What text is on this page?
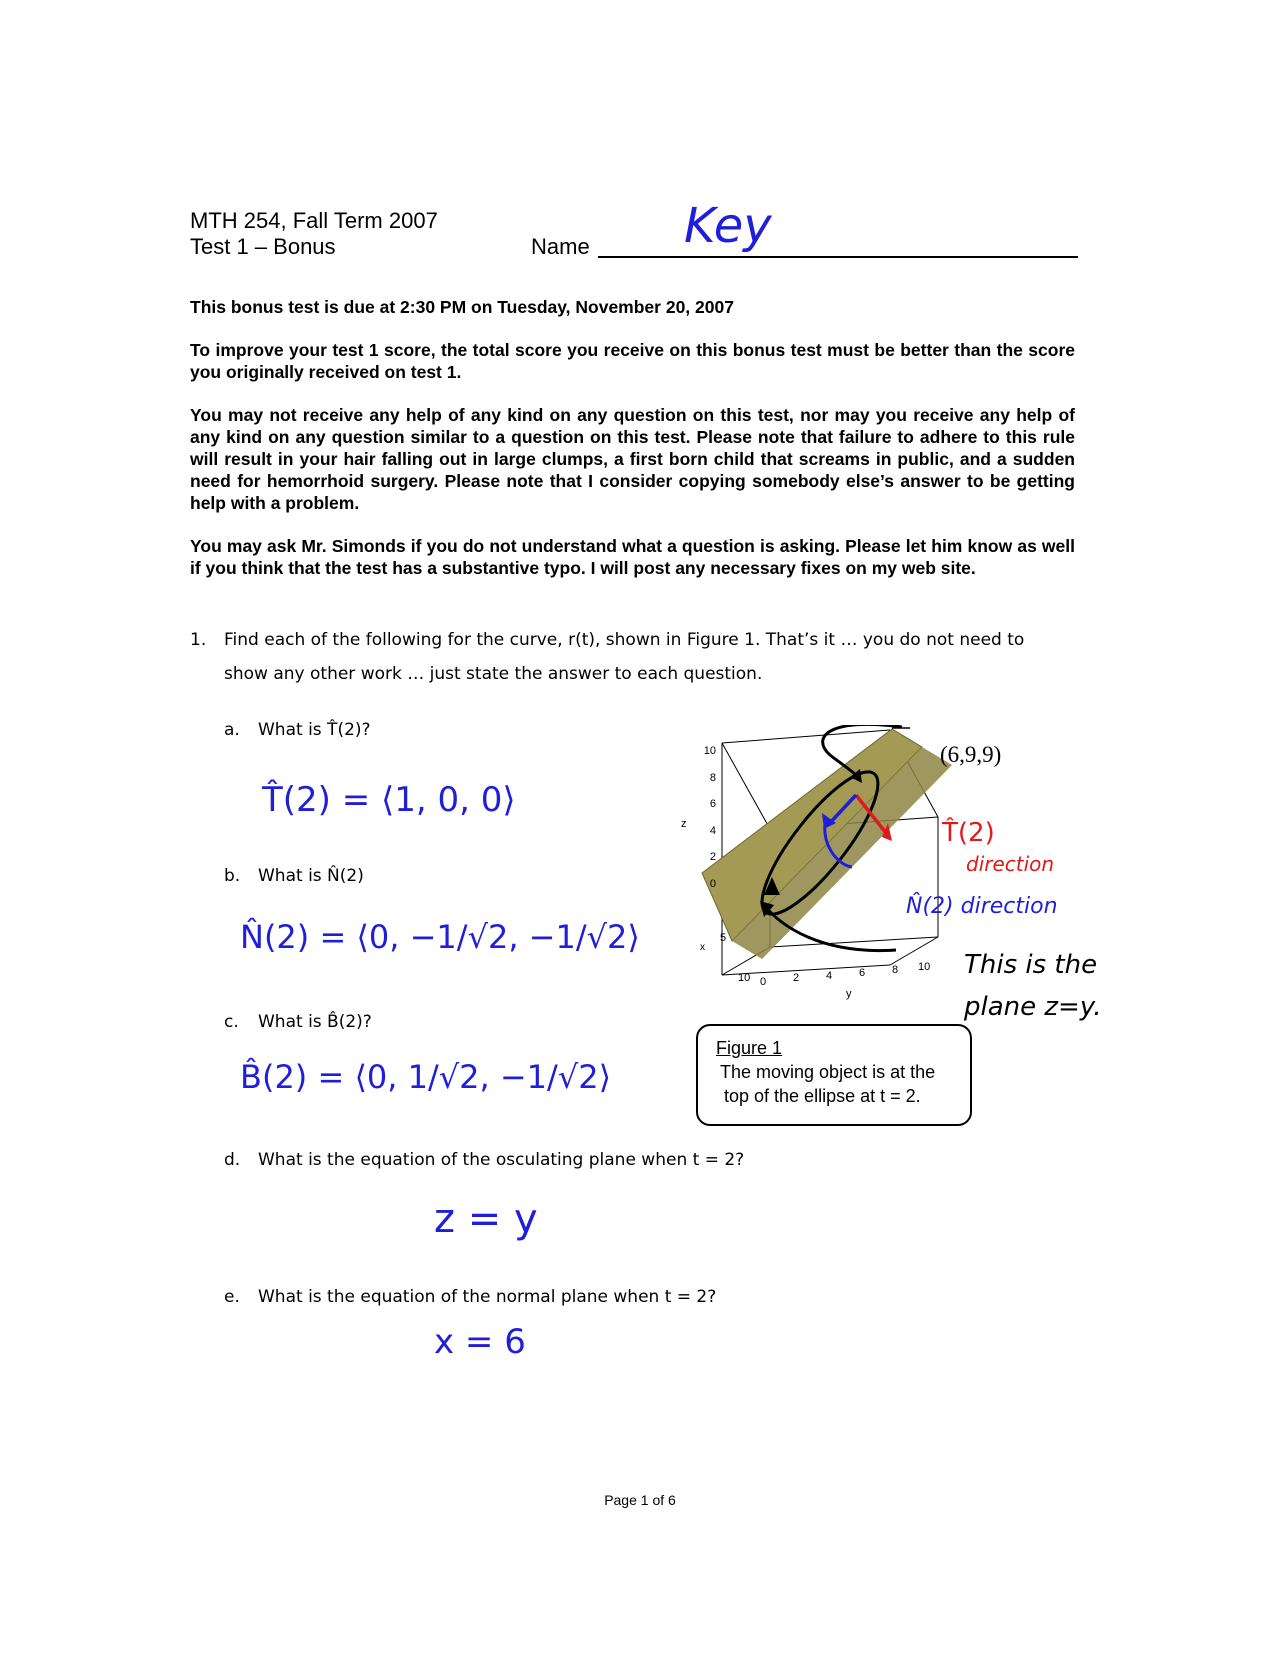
MTH 254, Fall Term 2007
Test 1 – Bonus	Name Key
This bonus test is due at 2:30 PM on Tuesday, November 20, 2007
To improve your test 1 score, the total score you receive on this bonus test must be better than the score you originally received on test 1.
You may not receive any help of any kind on any question on this test, nor may you receive any help of any kind on any question similar to a question on this test. Please note that failure to adhere to this rule will result in your hair falling out in large clumps, a first born child that screams in public, and a sudden need for hemorrhoid surgery. Please note that I consider copying somebody else’s answer to be getting help with a problem.
You may ask Mr. Simonds if you do not understand what a question is asking. Please let him know as well if you think that the test has a substantive typo. I will post any necessary fixes on my web site.
1. Find each of the following for the curve, r(t), shown in Figure 1. That’s it … you do not need to
show any other work … just state the answer to each question.
a. What is T̂(2)?
T̂(2) = ⟨1, 0, 0⟩
b. What is N̂(2)
N̂(2) = ⟨0, −1/√2, −1/√2⟩
c. What is B̂(2)?
B̂(2) = ⟨0, 1/√2, −1/√2⟩
d. What is the equation of the osculating plane when t = 2?
z = y
e. What is the equation of the normal plane when t = 2?
x = 6
10
8
6
4
2
0
z
x
5
10 0 2 4 6 8 10
y
(6,9,9)
T̂(2)
direction
N̂(2) direction
This is the
plane z=y.
Figure 1
The moving object is at the
top of the ellipse at t = 2.
Page 1 of 6
